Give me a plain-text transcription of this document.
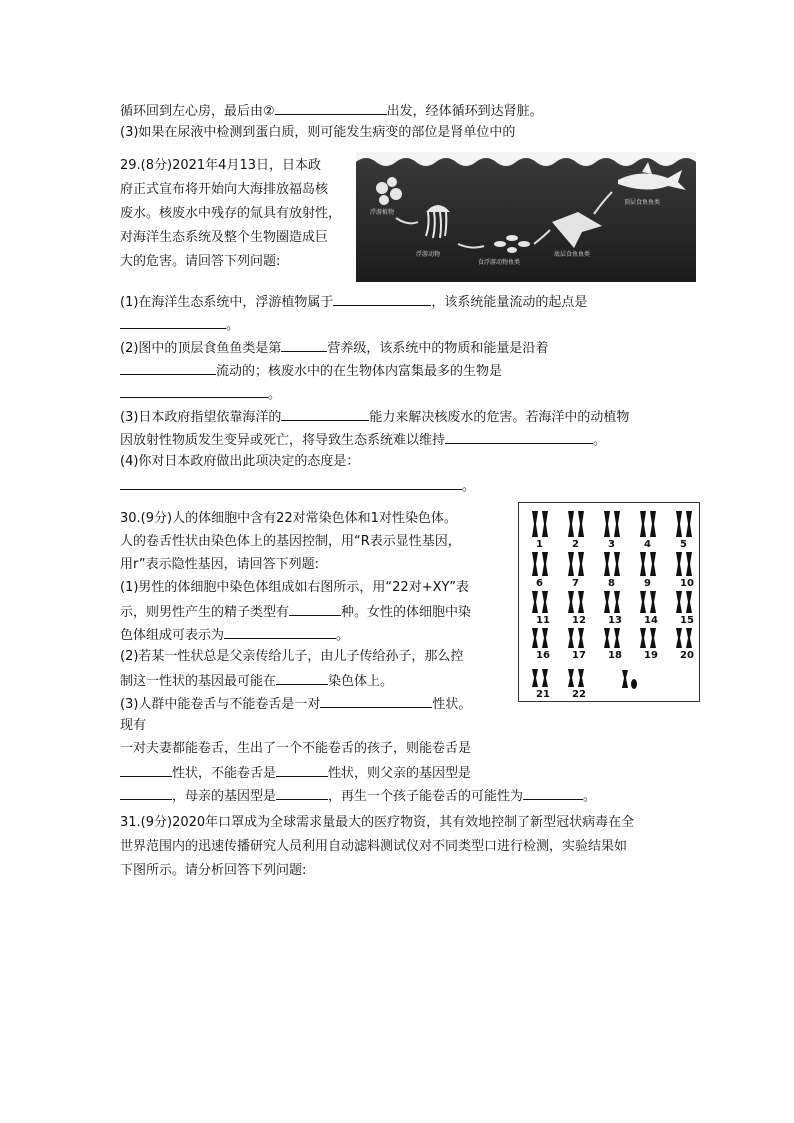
循环回到左心房，最后由②	出发，经体循环到达肾脏。
(3)如果在尿液中检测到蛋白质，则可能发生病变的部位是肾单位中的
29.(8分)2021年4月13日，日本政
府正式宣布将开始向大海排放福岛核
废水。核废水中残存的氚具有放射性，
对海洋生态系统及整个生物圈造成巨
大的危害。请回答下列问题:
浮游植物
浮游动物
食浮游动物鱼类
底层食鱼鱼类
顶层食鱼鱼类
(1)在海洋生态系统中，浮游植物属于	，该系统能量流动的起点是
。
(2)图中的顶层食鱼鱼类是第	营养级，该系统中的物质和能量是沿着
流动的；核废水中的在生物体内富集最多的生物是
。
(3)日本政府指望依靠海洋的	能力来解决核废水的危害。若海洋中的动植物
因放射性物质发生变异或死亡，将导致生态系统难以维持	。
(4)你对日本政府做出此项决定的态度是：
。
30.(9分)人的体细胞中含有22对常染色体和1对性染色体。
人的卷舌性状由染色体上的基因控制，用“R表示显性基因，
用r”表示隐性基因，请回答下列题:
(1)男性的体细胞中染色体组成如右图所示，用“22对+XY”表
示，则男性产生的精子类型有	种。女性的体细胞中染
色体组成可表示为	。
(2)若某一性状总是父亲传给儿子，由儿子传给孙子，那么控
制这一性状的基因最可能在	染色体上。
(3)人群中能卷舌与不能卷舌是一对	性状。
现有
一对夫妻都能卷舌，生出了一个不能卷舌的孩子，则能卷舌是
性状，不能卷舌是	性状，则父亲的基因型是
，母亲的基因型是	，再生一个孩子能卷舌的可能性为	。
1	2	3	4	5
6	7	8	9	10
11 12 13 14 15
16 17 18 19 20
21 22
31.(9分)2020年口罩成为全球需求量最大的医疗物资，其有效地控制了新型冠状病毒在全
世界范围内的迅速传播研究人员利用自动滤料测试仪对不同类型口进行检测，实验结果如
下图所示。请分析回答下列问题:
